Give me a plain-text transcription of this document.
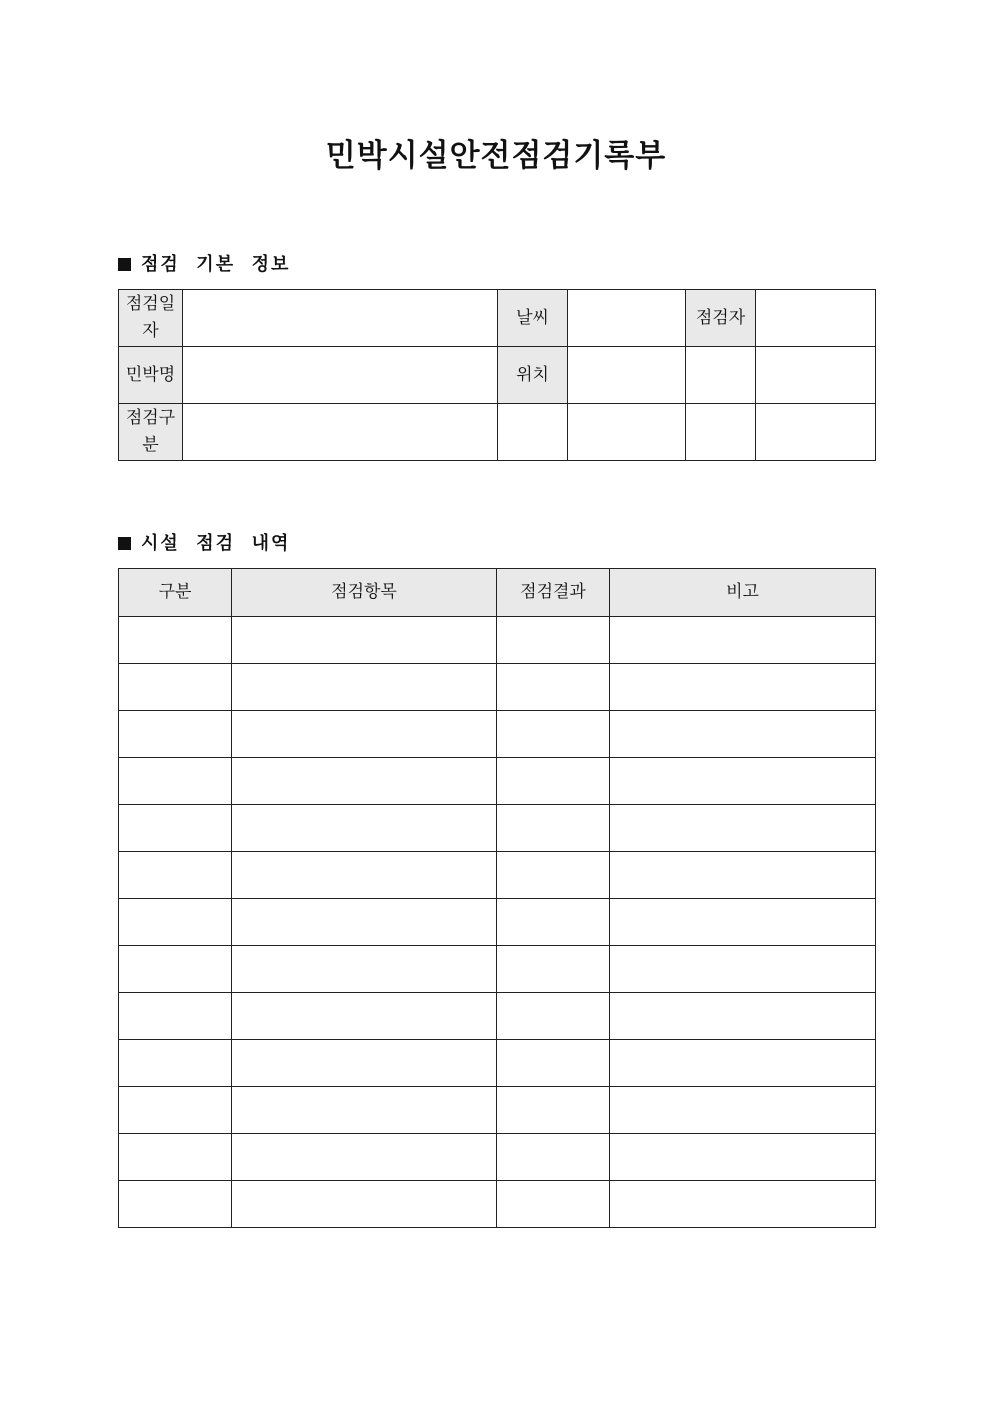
민박시설안전점검기록부
점검  기본  정보
점검일자		날씨		점검자	
민박명		위치			
점검구분					
시설  점검  내역
구분	점검항목	점검결과	비고
